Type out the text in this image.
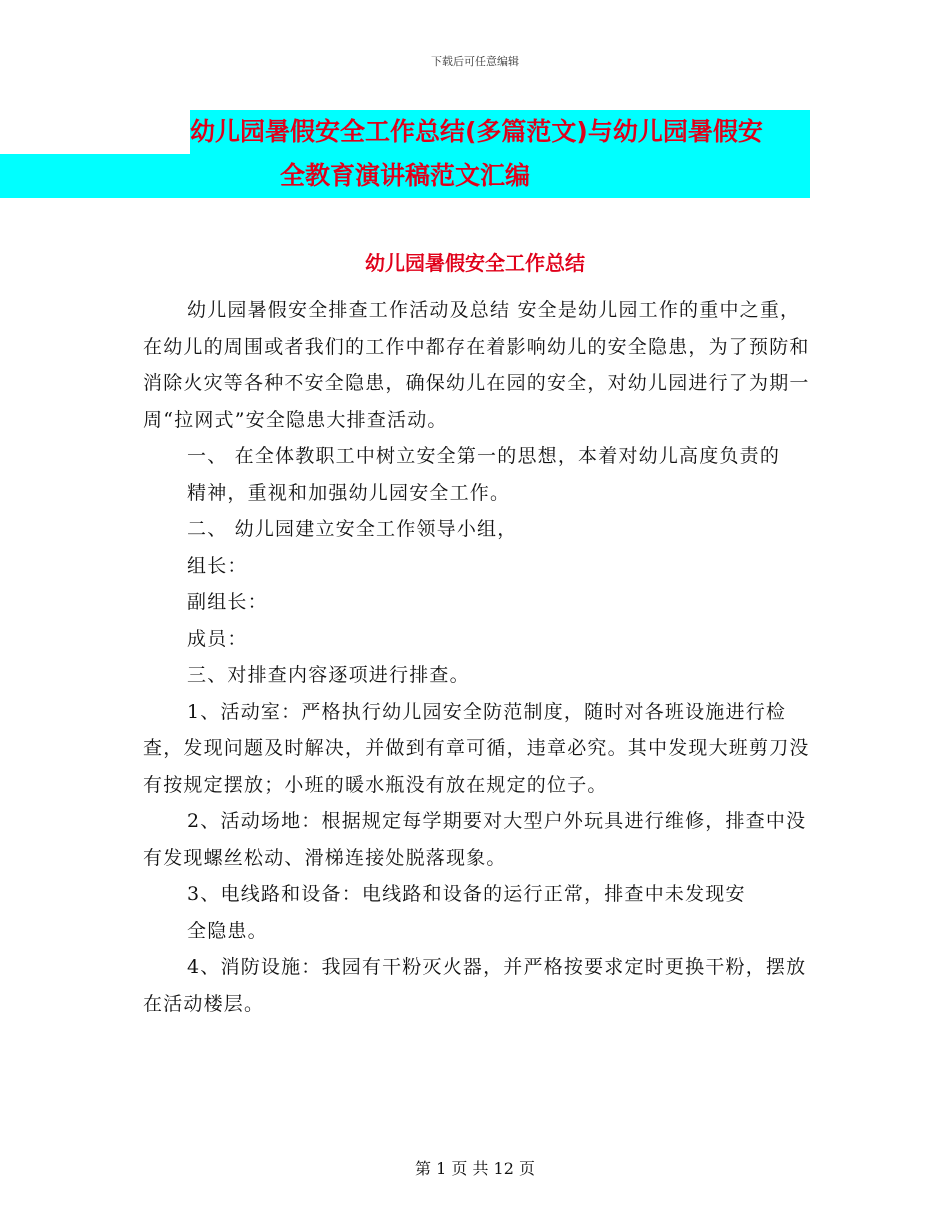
下载后可任意编辑
幼儿园暑假安全工作总结(多篇范文)与幼儿园暑假安
全教育演讲稿范文汇编
幼儿园暑假安全工作总结

幼儿园暑假安全排查工作活动及总结 安全是幼儿园工作的重中之重，在幼儿的周围或者我们的工作中都存在着影响幼儿的安全隐患，为了预防和消除火灾等各种不安全隐患，确保幼儿在园的安全，对幼儿园进行了为期一周“拉网式”安全隐患大排查活动。

一、 在全体教职工中树立安全第一的思想，本着对幼儿高度负责的

精神，重视和加强幼儿园安全工作。

二、 幼儿园建立安全工作领导小组，

组长：

副组长：

成员：

三、对排查内容逐项进行排查。

1、活动室：严格执行幼儿园安全防范制度，随时对各班设施进行检查，发现问题及时解决，并做到有章可循，违章必究。其中发现大班剪刀没有按规定摆放；小班的暖水瓶没有放在规定的位子。

2、活动场地：根据规定每学期要对大型户外玩具进行维修，排查中没有发现螺丝松动、滑梯连接处脱落现象。

3、电线路和设备：电线路和设备的运行正常，排查中未发现安

全隐患。

4、消防设施：我园有干粉灭火器，并严格按要求定时更换干粉，摆放在活动楼层。

第 1 页 共 12 页
